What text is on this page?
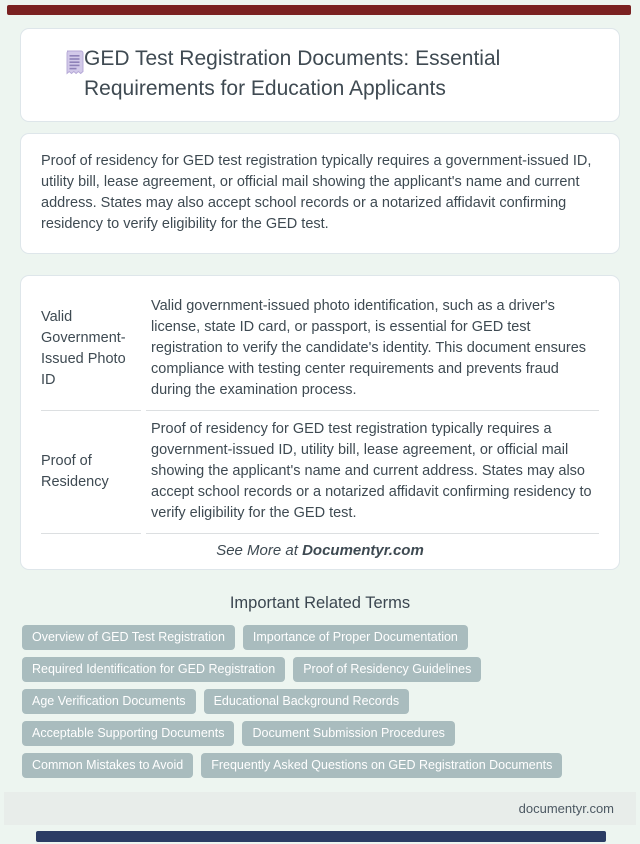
GED Test Registration Documents: Essential Requirements for Education Applicants
Proof of residency for GED test registration typically requires a government-issued ID, utility bill, lease agreement, or official mail showing the applicant's name and current address. States may also accept school records or a notarized affidavit confirming residency to verify eligibility for the GED test.
Valid Government-Issued Photo ID
Valid government-issued photo identification, such as a driver's license, state ID card, or passport, is essential for GED test registration to verify the candidate's identity. This document ensures compliance with testing center requirements and prevents fraud during the examination process.
Proof of Residency
Proof of residency for GED test registration typically requires a government-issued ID, utility bill, lease agreement, or official mail showing the applicant's name and current address. States may also accept school records or a notarized affidavit confirming residency to verify eligibility for the GED test.
See More at Documentyr.com
Important Related Terms
Overview of GED Test Registration	Importance of Proper Documentation
Required Identification for GED Registration	Proof of Residency Guidelines
Age Verification Documents	Educational Background Records
Acceptable Supporting Documents	Document Submission Procedures
Common Mistakes to Avoid	Frequently Asked Questions on GED Registration Documents
documentyr.com
